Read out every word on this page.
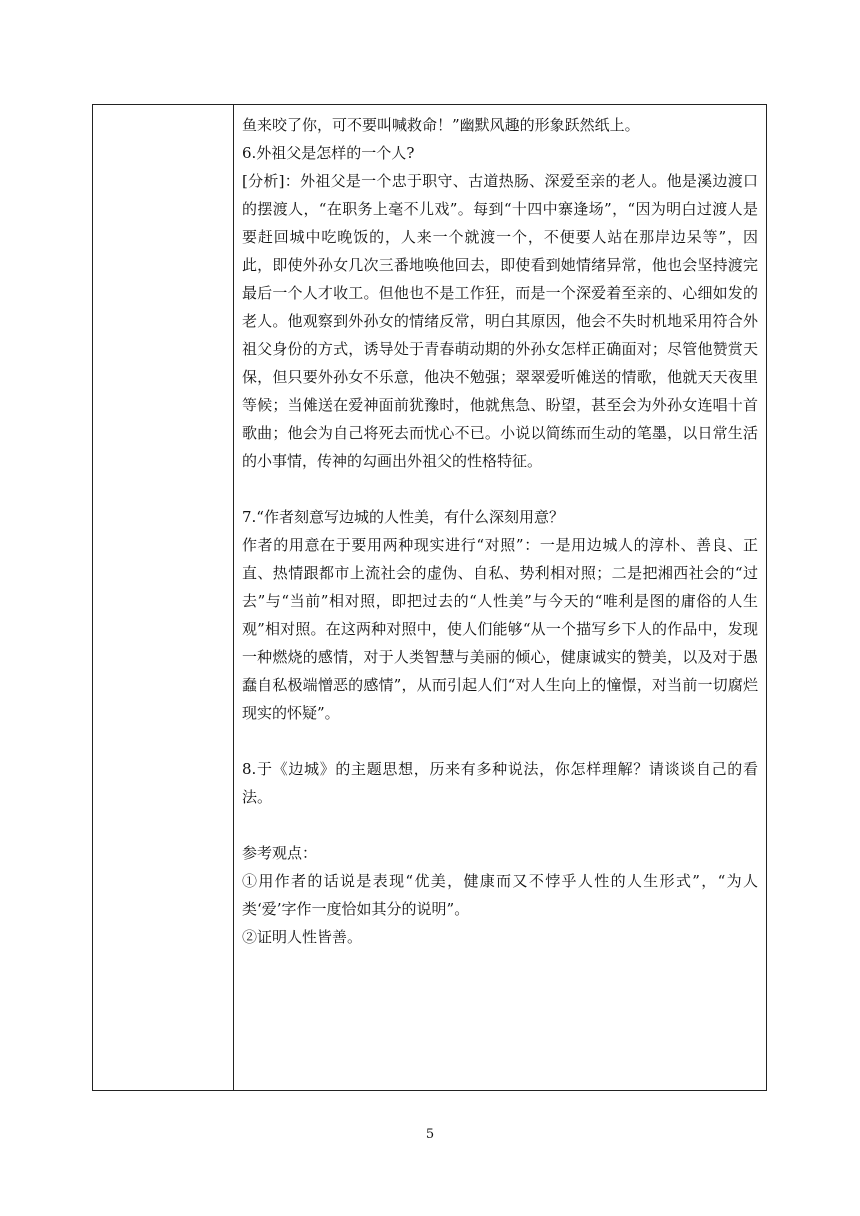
鱼来咬了你，可不要叫喊救命！”幽默风趣的形象跃然纸上。

6.外祖父是怎样的一个人?

[分析]：外祖父是一个忠于职守、古道热肠、深爱至亲的老人。他是溪边渡口的摆渡人，“在职务上毫不儿戏”。每到“十四中寨逢场”，“因为明白过渡人是要赶回城中吃晚饭的，人来一个就渡一个，不便要人站在那岸边呆等”，因此，即使外孙女几次三番地唤他回去，即使看到她情绪异常，他也会坚持渡完最后一个人才收工。但他也不是工作狂，而是一个深爱着至亲的、心细如发的老人。他观察到外孙女的情绪反常，明白其原因，他会不失时机地采用符合外祖父身份的方式，诱导处于青春萌动期的外孙女怎样正确面对；尽管他赞赏天保，但只要外孙女不乐意，他决不勉强；翠翠爱听傩送的情歌，他就天天夜里等候；当傩送在爱神面前犹豫时，他就焦急、盼望，甚至会为外孙女连唱十首歌曲；他会为自己将死去而忧心不已。小说以简练而生动的笔墨，以日常生活的小事情，传神的勾画出外祖父的性格特征。

7.“作者刻意写边城的人性美，有什么深刻用意？

作者的用意在于要用两种现实进行“对照”：一是用边城人的淳朴、善良、正直、热情跟都市上流社会的虚伪、自私、势利相对照；二是把湘西社会的“过去”与“当前”相对照，即把过去的“人性美”与今天的“唯利是图的庸俗的人生观”相对照。在这两种对照中，使人们能够“从一个描写乡下人的作品中，发现一种燃烧的感情，对于人类智慧与美丽的倾心，健康诚实的赞美，以及对于愚蠢自私极端憎恶的感情”，从而引起人们“对人生向上的憧憬，对当前一切腐烂现实的怀疑”。

8.于《边城》的主题思想，历来有多种说法，你怎样理解？请谈谈自己的看法。

参考观点：

①用作者的话说是表现“优美，健康而又不悖乎人性的人生形式”，“为人类‘爱’字作一度恰如其分的说明”。

②证明人性皆善。

5
